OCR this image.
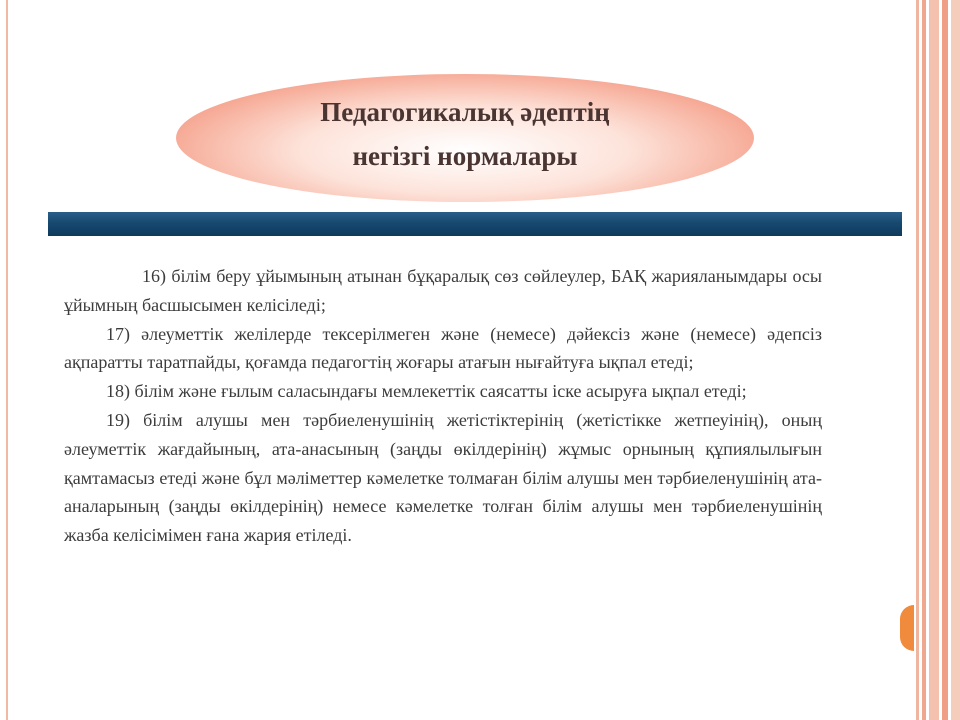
Педагогикалық әдептің
негізгі нормалары

16) білім беру ұйымының атынан бұқаралық сөз сөйлеулер, БАҚ жарияланымдары осы ұйымның басшысымен келісіледі;

17) әлеуметтік желілерде тексерілмеген және (немесе) дәйексіз және (немесе) әдепсіз ақпаратты таратпайды, қоғамда педагогтің жоғары атағын нығайтуға ықпал етеді;

18) білім және ғылым саласындағы мемлекеттік саясатты іске асыруға ықпал етеді;

19) білім алушы мен тәрбиеленушінің жетістіктерінің (жетістікке жетпеуінің), оның әлеуметтік жағдайының, ата-анасының (заңды өкілдерінің) жұмыс орнының құпиялылығын қамтамасыз етеді және бұл мәліметтер кәмелетке толмаған білім алушы мен тәрбиеленушінің ата-аналарының (заңды өкілдерінің) немесе кәмелетке толған білім алушы мен тәрбиеленушінің жазба келісімімен ғана жария етіледі.
